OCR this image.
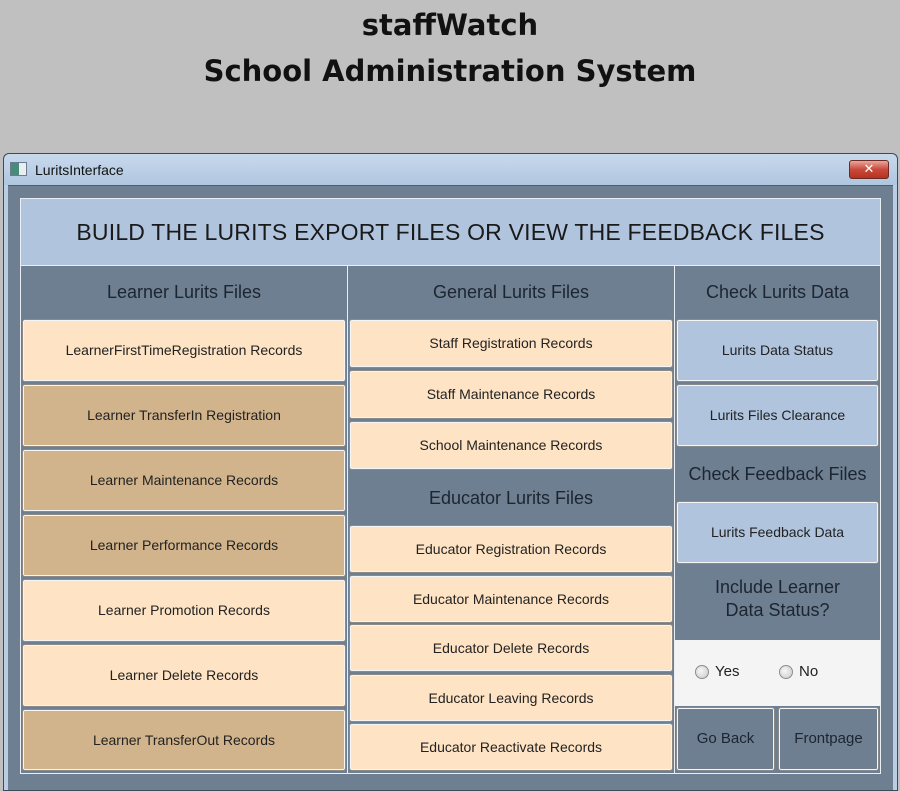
staffWatch
School Administration System
LuritsInterface	✕
BUILD THE LURITS EXPORT FILES OR VIEW THE FEEDBACK FILES
Learner Lurits Files
LearnerFirstTimeRegistration Records
Learner TransferIn Registration
Learner Maintenance Records
Learner Performance Records
Learner Promotion Records
Learner Delete Records
Learner TransferOut Records
General Lurits Files
Staff Registration Records
Staff Maintenance Records
School Maintenance Records
Educator Lurits Files
Educator Registration Records
Educator Maintenance Records
Educator Delete Records
Educator Leaving Records
Educator Reactivate Records
Check Lurits Data
Lurits Data Status
Lurits Files Clearance
Check Feedback Files
Lurits Feedback Data
Include Learner
Data Status?
Yes	No
Go Back	Frontpage
